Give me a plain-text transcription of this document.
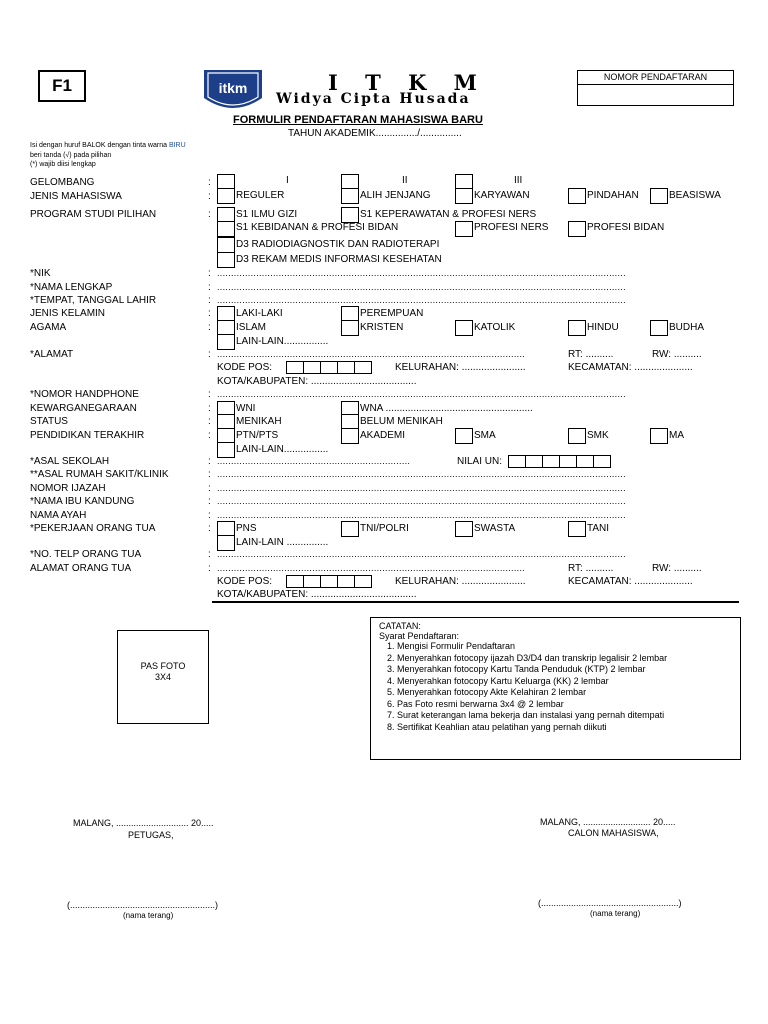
F1	itkm	I T K M
Widya Cipta Husada
NOMOR PENDAFTARAN
FORMULIR PENDAFTARAN MAHASISWA BARU
TAHUN AKADEMIK.............../...............
Isi dengan huruf BALOK dengan tinta warna BIRU
beri tanda (√) pada pilihan
(*) wajib diisi lengkap
GELOMBANG	:	I	II	III
JENIS MAHASISWA	:	REGULER	ALIH JENJANG	KARYAWAN	PINDAHAN	BEASISWA
PROGRAM STUDI PILIHAN	:	S1 ILMU GIZI	S1 KEPERAWATAN & PROFESI NERS
S1 KEBIDANAN & PROFESI BIDAN	PROFESI NERS	PROFESI BIDAN
D3 RADIODIAGNOSTIK DAN RADIOTERAPI
D3 REKAM MEDIS INFORMASI KESEHATAN
*NIK	: ..................................................................................................................................................
*NAMA LENGKAP	: ..................................................................................................................................................
*TEMPAT, TANGGAL LAHIR	: ..................................................................................................................................................
JENIS KELAMIN	:	LAKI-LAKI	PEREMPUAN
AGAMA	:	ISLAM	KRISTEN	KATOLIK	HINDU	BUDHA
LAIN-LAIN................
*ALAMAT	: ..............................................................................................................	RT: ..........	RW: ..........
KODE POS:	KELURAHAN: .......................	KECAMATAN: .....................
KOTA/KABUPATEN: ......................................
*NOMOR HANDPHONE	: ..................................................................................................................................................
KEWARGANEGARAAN	:	WNI	WNA .....................................................
STATUS	:	MENIKAH	BELUM MENIKAH
PENDIDIKAN TERAKHIR	:	PTN/PTS	AKADEMI	SMA	SMK	MA
LAIN-LAIN................
*ASAL SEKOLAH	: .....................................................................	NILAI UN:
**ASAL RUMAH SAKIT/KLINIK	: ..................................................................................................................................................
NOMOR IJAZAH	: ..................................................................................................................................................
*NAMA IBU KANDUNG	: ..................................................................................................................................................
NAMA AYAH	: ..................................................................................................................................................
*PEKERJAAN ORANG TUA	:	PNS	TNI/POLRI	SWASTA	TANI
LAIN-LAIN ...............
*NO. TELP ORANG TUA	: ..................................................................................................................................................
ALAMAT ORANG TUA	: ..............................................................................................................	RT: ..........	RW: ..........
KODE POS:	KELURAHAN: .......................	KECAMATAN: .....................
KOTA/KABUPATEN: ......................................
PAS FOTO
3X4
CATATAN:
Syarat Pendaftaran:
1. Mengisi Formulir Pendaftaran
2. Menyerahkan fotocopy ijazah D3/D4 dan transkrip legalisir 2 lembar
3. Menyerahkan fotocopy Kartu Tanda Penduduk (KTP) 2 lembar
4. Menyerahkan fotocopy Kartu Keluarga (KK) 2 lembar
5. Menyerahkan fotocopy Akte Kelahiran 2 lembar
6. Pas Foto resmi berwarna 3x4 @ 2 lembar
7. Surat keterangan lama bekerja dan instalasi yang pernah ditempati
8. Sertifikat Keahlian atau pelatihan yang pernah diikuti
MALANG, ............................. 20.....
PETUGAS,
(..........................................................)
(nama terang)
MALANG, ........................... 20.....
CALON MAHASISWA,
(.......................................................)
(nama terang)
